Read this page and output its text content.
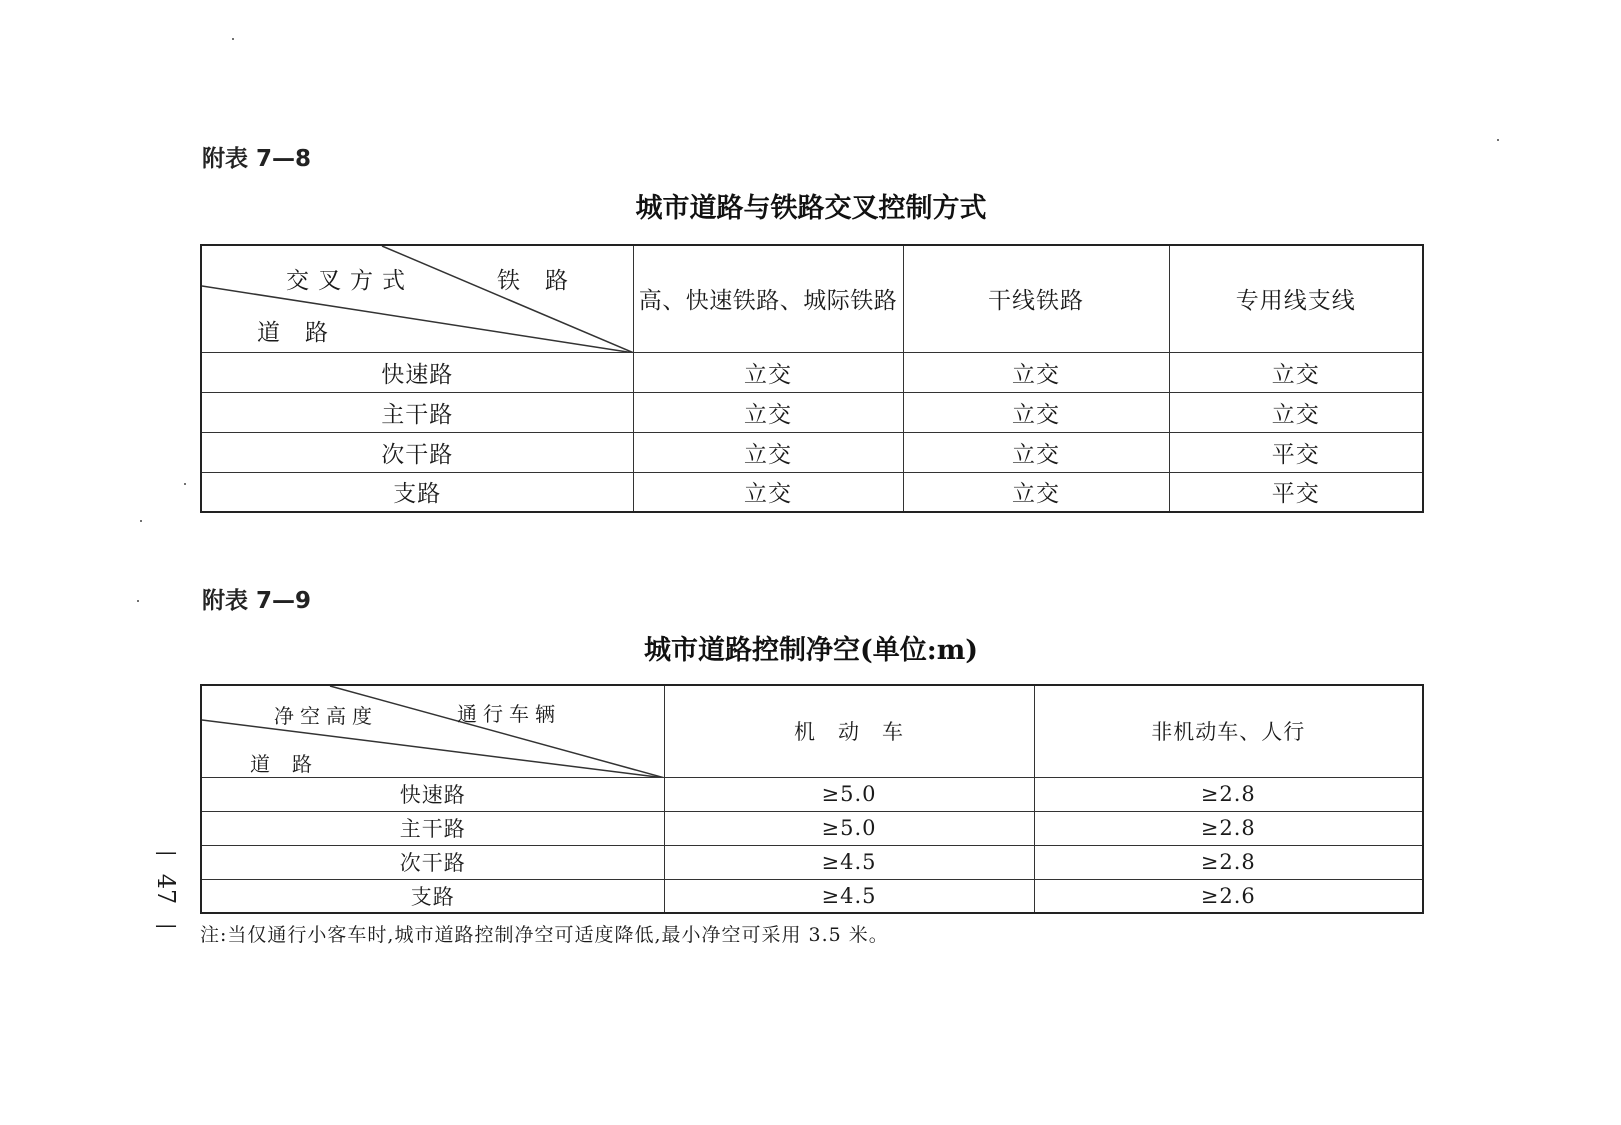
附表 7—8
城市道路与铁路交叉控制方式
交叉方式 铁　路
道　路	高、快速铁路、城际铁路	干线铁路	专用线支线
快速路	立交	立交	立交
主干路	立交	立交	立交
次干路	立交	立交	平交
支路	立交	立交	平交
附表 7—9
城市道路控制净空(单位:m)
净空高度 通行车辆
道　路	机　动　车	非机动车、人行
快速路	≥5.0	≥2.8
主干路	≥5.0	≥2.8
次干路	≥4.5	≥2.8
支路	≥4.5	≥2.6
注:当仅通行小客车时,城市道路控制净空可适度降低,最小净空可采用 3.5 米。
—
47
—
